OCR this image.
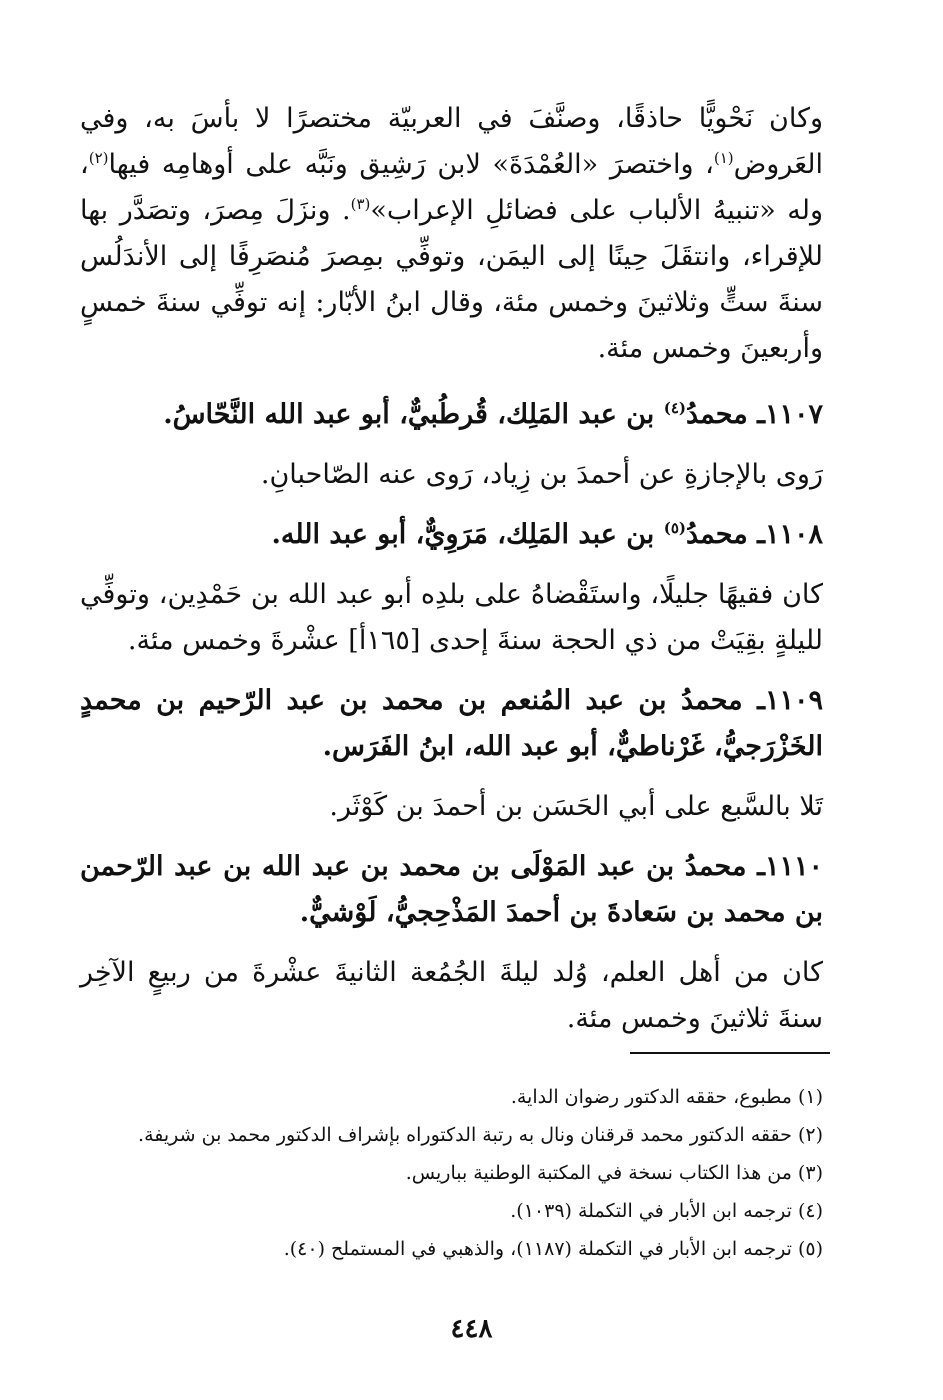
وكان نَحْويًّا حاذقًا، وصنَّفَ في العربيّة مختصرًا لا بأسَ به، وفي العَروض$^{(١)}$، واختصرَ «العُمْدَةَ» لابن رَشِيق ونَبَّه على أوهامِه فيها$^{(٢)}$، وله «تنبيهُ الألباب على فضائلِ الإعراب»$^{(٣)}$. ونزَلَ مِصرَ، وتصَدَّر بها للإقراء، وانتقَلَ حِينًا إلى اليمَن، وتوفِّي بمِصرَ مُنصَرِفًا إلى الأندَلُس سنةَ ستٍّ وثلاثينَ وخمس مئة، وقال ابنُ الأبّار: إنه توفِّي سنةَ خمسٍ وأربعينَ وخمس مئة.

١١٠٧ـ محمدُ$^{(٤)}$ بن عبد المَلِك، قُرطُبيٌّ، أبو عبد الله النَّحّاسُ.

رَوى بالإجازةِ عن أحمدَ بن زِياد، رَوى عنه الصّاحبانِ.

١١٠٨ـ محمدُ$^{(٥)}$ بن عبد المَلِك، مَرَوِيٌّ، أبو عبد الله.

كان فقيهًا جليلًا، واستَقْضاهُ على بلدِه أبو عبد الله بن حَمْدِين، وتوفِّي لليلةٍ بقِيَتْ من ذي الحجة سنةَ إحدى [١٦٥أ] عشْرةَ وخمس مئة.

١١٠٩ـ محمدُ بن عبد المُنعم بن محمد بن عبد الرّحيم بن محمدٍ الخَزْرَجيُّ، غَرْناطيٌّ، أبو عبد الله، ابنُ الفَرَس.

تَلا بالسَّبع على أبي الحَسَن بن أحمدَ بن كَوْثَر.

١١١٠ـ محمدُ بن عبد المَوْلَى بن محمد بن عبد الله بن عبد الرّحمن بن محمد بن سَعادةَ بن أحمدَ المَذْحِجيُّ، لَوْشيٌّ.

كان من أهل العلم، وُلد ليلةَ الجُمُعة الثانيةَ عشْرةَ من ربيعٍ الآخِر سنةَ ثلاثينَ وخمس مئة.

(١) مطبوع، حققه الدكتور رضوان الداية.

(٢) حققه الدكتور محمد قرقنان ونال به رتبة الدكتوراه بإشراف الدكتور محمد بن شريفة.

(٣) من هذا الكتاب نسخة في المكتبة الوطنية بباريس.

(٤) ترجمه ابن الأبار في التكملة (١٠٣٩).

(٥) ترجمه ابن الأبار في التكملة (١١٨٧)، والذهبي في المستملح (٤٠).

٤٤٨
